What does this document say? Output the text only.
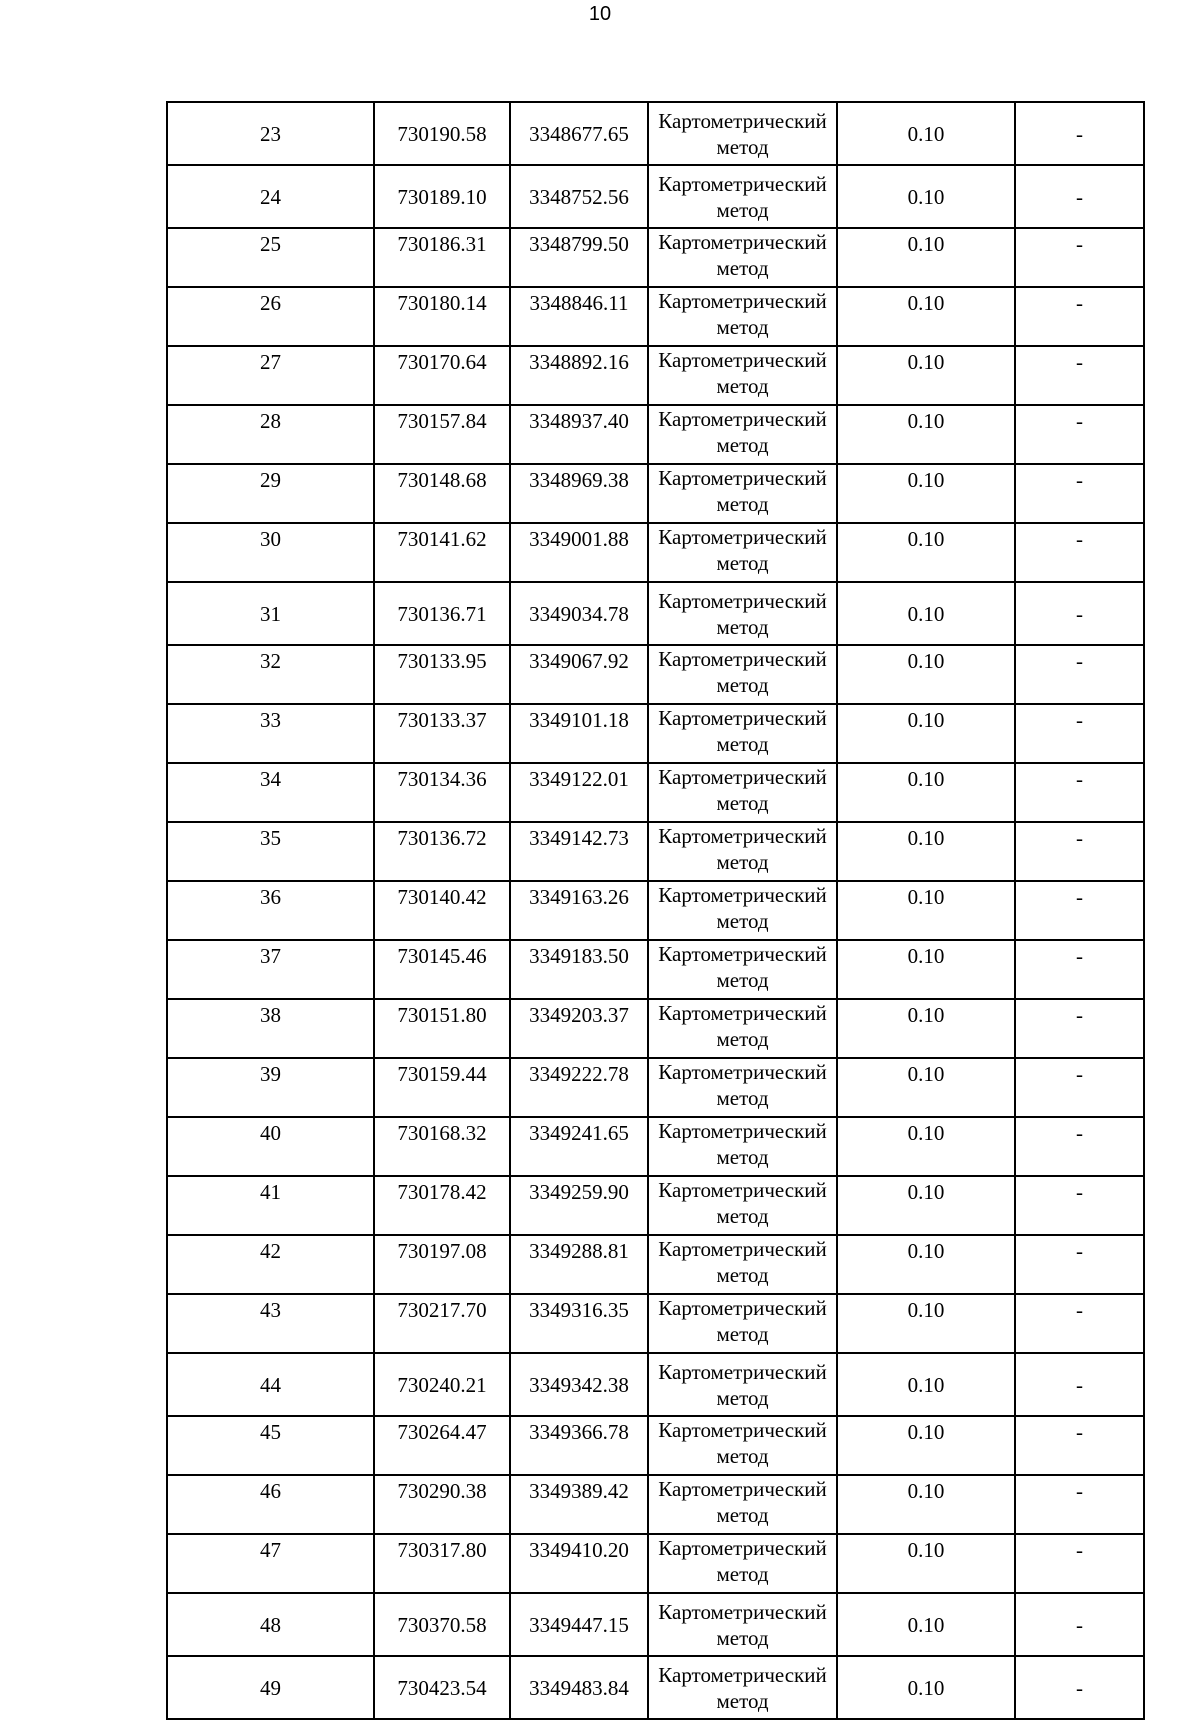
10
23	730190.58	3348677.65	Картометрический метод	0.10	-
24	730189.10	3348752.56	Картометрический метод	0.10	-
25	730186.31	3348799.50	Картометрический метод	0.10	-
26	730180.14	3348846.11	Картометрический метод	0.10	-
27	730170.64	3348892.16	Картометрический метод	0.10	-
28	730157.84	3348937.40	Картометрический метод	0.10	-
29	730148.68	3348969.38	Картометрический метод	0.10	-
30	730141.62	3349001.88	Картометрический метод	0.10	-
31	730136.71	3349034.78	Картометрический метод	0.10	-
32	730133.95	3349067.92	Картометрический метод	0.10	-
33	730133.37	3349101.18	Картометрический метод	0.10	-
34	730134.36	3349122.01	Картометрический метод	0.10	-
35	730136.72	3349142.73	Картометрический метод	0.10	-
36	730140.42	3349163.26	Картометрический метод	0.10	-
37	730145.46	3349183.50	Картометрический метод	0.10	-
38	730151.80	3349203.37	Картометрический метод	0.10	-
39	730159.44	3349222.78	Картометрический метод	0.10	-
40	730168.32	3349241.65	Картометрический метод	0.10	-
41	730178.42	3349259.90	Картометрический метод	0.10	-
42	730197.08	3349288.81	Картометрический метод	0.10	-
43	730217.70	3349316.35	Картометрический метод	0.10	-
44	730240.21	3349342.38	Картометрический метод	0.10	-
45	730264.47	3349366.78	Картометрический метод	0.10	-
46	730290.38	3349389.42	Картометрический метод	0.10	-
47	730317.80	3349410.20	Картометрический метод	0.10	-
48	730370.58	3349447.15	Картометрический метод	0.10	-
49	730423.54	3349483.84	Картометрический метод	0.10	-
